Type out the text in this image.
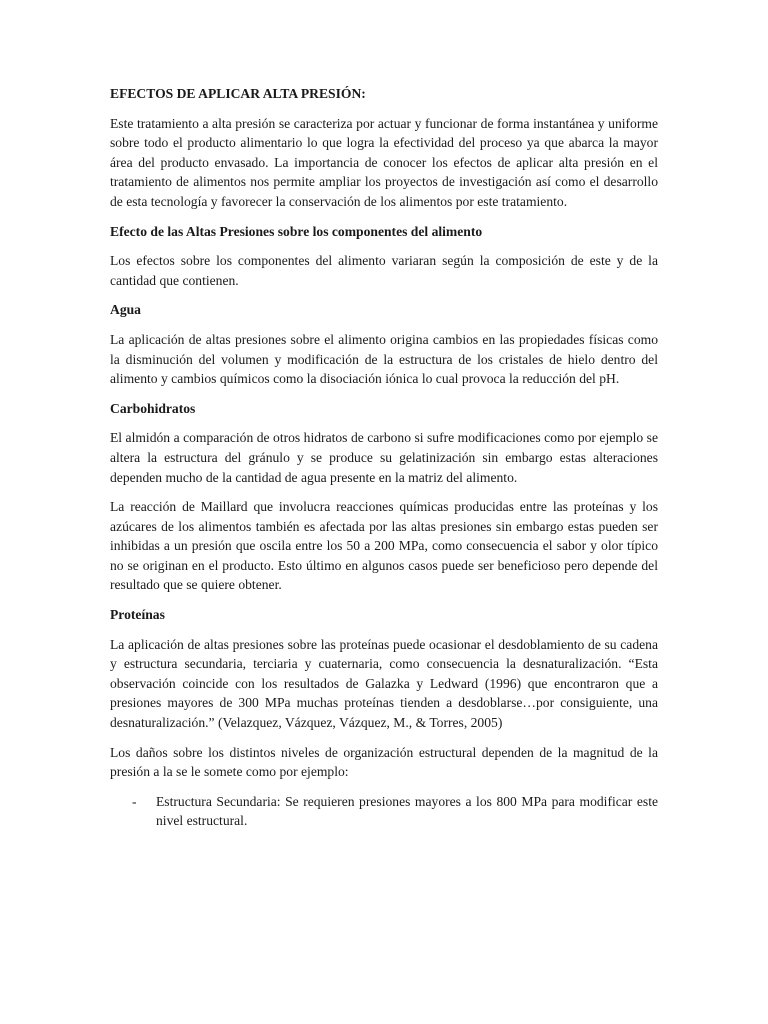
EFECTOS DE APLICAR ALTA PRESIÓN:

Este tratamiento a alta presión se caracteriza por actuar y funcionar de forma instantánea y uniforme sobre todo el producto alimentario lo que logra la efectividad del proceso ya que abarca la mayor área del producto envasado. La importancia de conocer los efectos de aplicar alta presión en el tratamiento de alimentos nos permite ampliar los proyectos de investigación así como el desarrollo de esta tecnología y favorecer la conservación de los alimentos por este tratamiento.

Efecto de las Altas Presiones sobre los componentes del alimento

Los efectos sobre los componentes del alimento variaran según la composición de este y de la cantidad que contienen.

Agua

La aplicación de altas presiones sobre el alimento origina cambios en las propiedades físicas como la disminución del volumen y modificación de la estructura de los cristales de hielo dentro del alimento y cambios químicos como la disociación iónica lo cual provoca la reducción del pH.

Carbohidratos

El almidón a comparación de otros hidratos de carbono si sufre modificaciones como por ejemplo se altera la estructura del gránulo y se produce su gelatinización sin embargo estas alteraciones dependen mucho de la cantidad de agua presente en la matriz del alimento.

La reacción de Maillard que involucra reacciones químicas producidas entre las proteínas y los azúcares de los alimentos también es afectada por las altas presiones sin embargo estas pueden ser inhibidas a un presión que oscila entre los 50 a 200 MPa, como consecuencia el sabor y olor típico no se originan en el producto. Esto último en algunos casos puede ser beneficioso pero depende del resultado que se quiere obtener.

Proteínas

La aplicación de altas presiones sobre las proteínas puede ocasionar el desdoblamiento de su cadena y estructura secundaria, terciaria y cuaternaria, como consecuencia la desnaturalización. “Esta observación coincide con los resultados de Galazka y Ledward (1996) que encontraron que a presiones mayores de 300 MPa muchas proteínas tienden a desdoblarse…por consiguiente, una desnaturalización.” (Velazquez, Vázquez, Vázquez, M., & Torres, 2005)

Los daños sobre los distintos niveles de organización estructural dependen de la magnitud de la presión a la se le somete como por ejemplo:

- Estructura Secundaria: Se requieren presiones mayores a los 800 MPa para modificar este nivel estructural.
